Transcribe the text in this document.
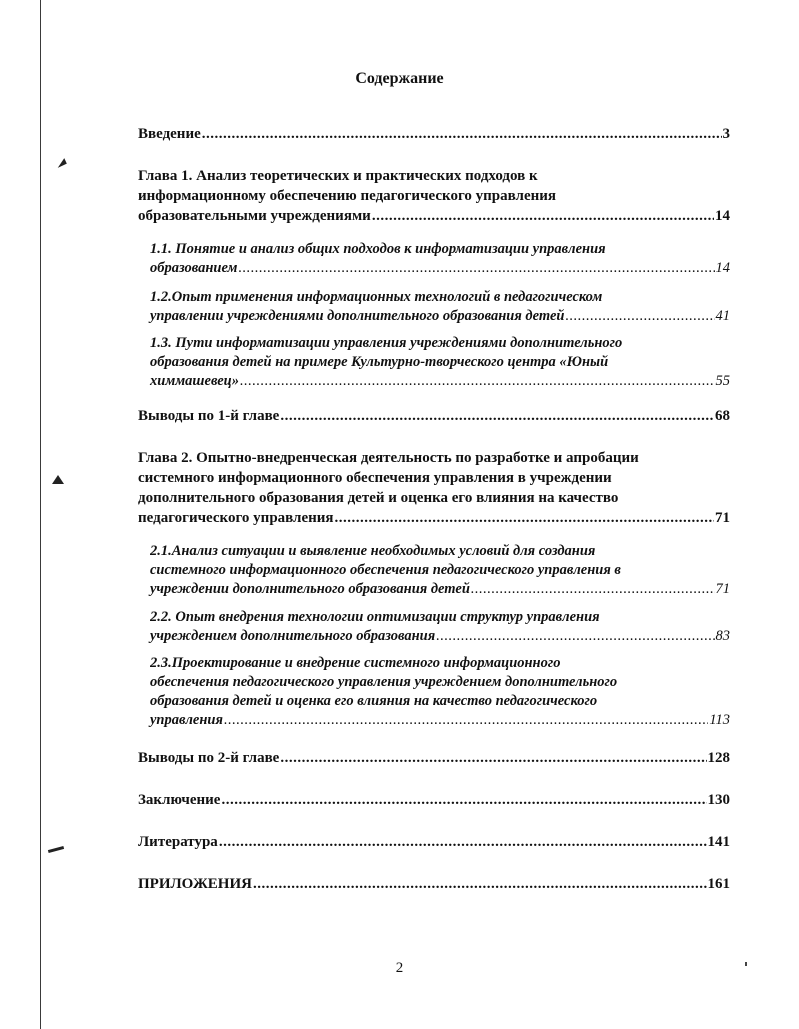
Содержание
Введение .....	3
Глава 1. Анализ теоретических и практических подходов к
информационному обеспечению педагогического управления
образовательными учреждениями .....	14
1.1. Понятие и анализ общих подходов к информатизации управления
образованием .....	14
1.2.Опыт применения информационных технологий в педагогическом
управлении учреждениями дополнительного образования детей .....	41
1.3. Пути информатизации управления учреждениями дополнительного
образования детей на примере Культурно-творческого центра «Юный
химмашевец» .....	55
Выводы по 1-й главе .....	68
Глава 2. Опытно-внедренческая деятельность по разработке и апробации
системного информационного обеспечения управления в учреждении
дополнительного образования детей и оценка его влияния на качество
педагогического управления .....	71
2.1.Анализ ситуации и выявление необходимых условий для создания
системного информационного обеспечения педагогического управления в
учреждении дополнительного образования детей .....	71
2.2. Опыт внедрения технологии оптимизации структур управления
учреждением дополнительного образования .....	83
2.3.Проектирование и внедрение системного информационного
обеспечения педагогического управления учреждением дополнительного
образования детей и оценка его влияния на качество педагогического
управления .....	113
Выводы по 2-й главе .....	128
Заключение .....	130
Литература .....	141
ПРИЛОЖЕНИЯ .....	161
2
